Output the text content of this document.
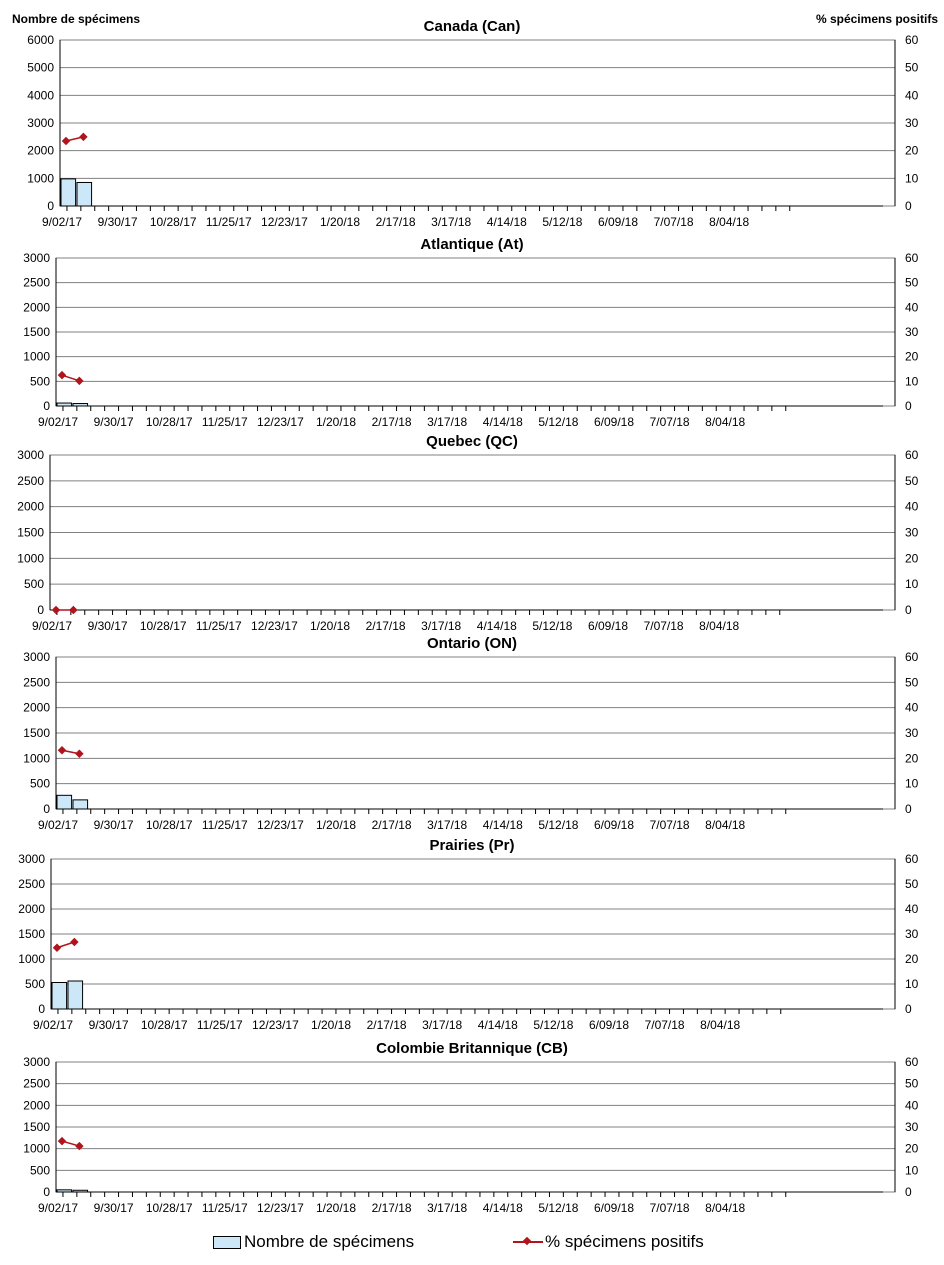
Nombre de spécimens	% spécimens positifs
0
1000
2000
3000
4000
5000
6000
0
10
20
30
40
50
60
9/02/17 9/30/17 10/28/17 11/25/17 12/23/17 1/20/18 2/17/18 3/17/18 4/14/18 5/12/18 6/09/18 7/07/18 8/04/18
Canada (Can)
0
500
1000
1500
2000
2500
3000
0
10
20
30
40
50
60
9/02/17 9/30/17 10/28/17 11/25/17 12/23/17 1/20/18 2/17/18 3/17/18 4/14/18 5/12/18 6/09/18 7/07/18 8/04/18
Atlantique (At)
0
500
1000
1500
2000
2500
3000
0
10
20
30
40
50
60
9/02/17 9/30/17 10/28/17 11/25/17 12/23/17 1/20/18 2/17/18 3/17/18 4/14/18 5/12/18 6/09/18 7/07/18 8/04/18
Quebec (QC)
0
500
1000
1500
2000
2500
3000
0
10
20
30
40
50
60
9/02/17 9/30/17 10/28/17 11/25/17 12/23/17 1/20/18 2/17/18 3/17/18 4/14/18 5/12/18 6/09/18 7/07/18 8/04/18
Ontario (ON)
0
500
1000
1500
2000
2500
3000
0
10
20
30
40
50
60
9/02/17 9/30/17 10/28/17 11/25/17 12/23/17 1/20/18 2/17/18 3/17/18 4/14/18 5/12/18 6/09/18 7/07/18 8/04/18
Prairies (Pr)
0
500
1000
1500
2000
2500
3000
0
10
20
30
40
50
60
9/02/17 9/30/17 10/28/17 11/25/17 12/23/17 1/20/18 2/17/18 3/17/18 4/14/18 5/12/18 6/09/18 7/07/18 8/04/18
Colombie Britannique (CB)
Nombre de spécimens	% spécimens positifs
